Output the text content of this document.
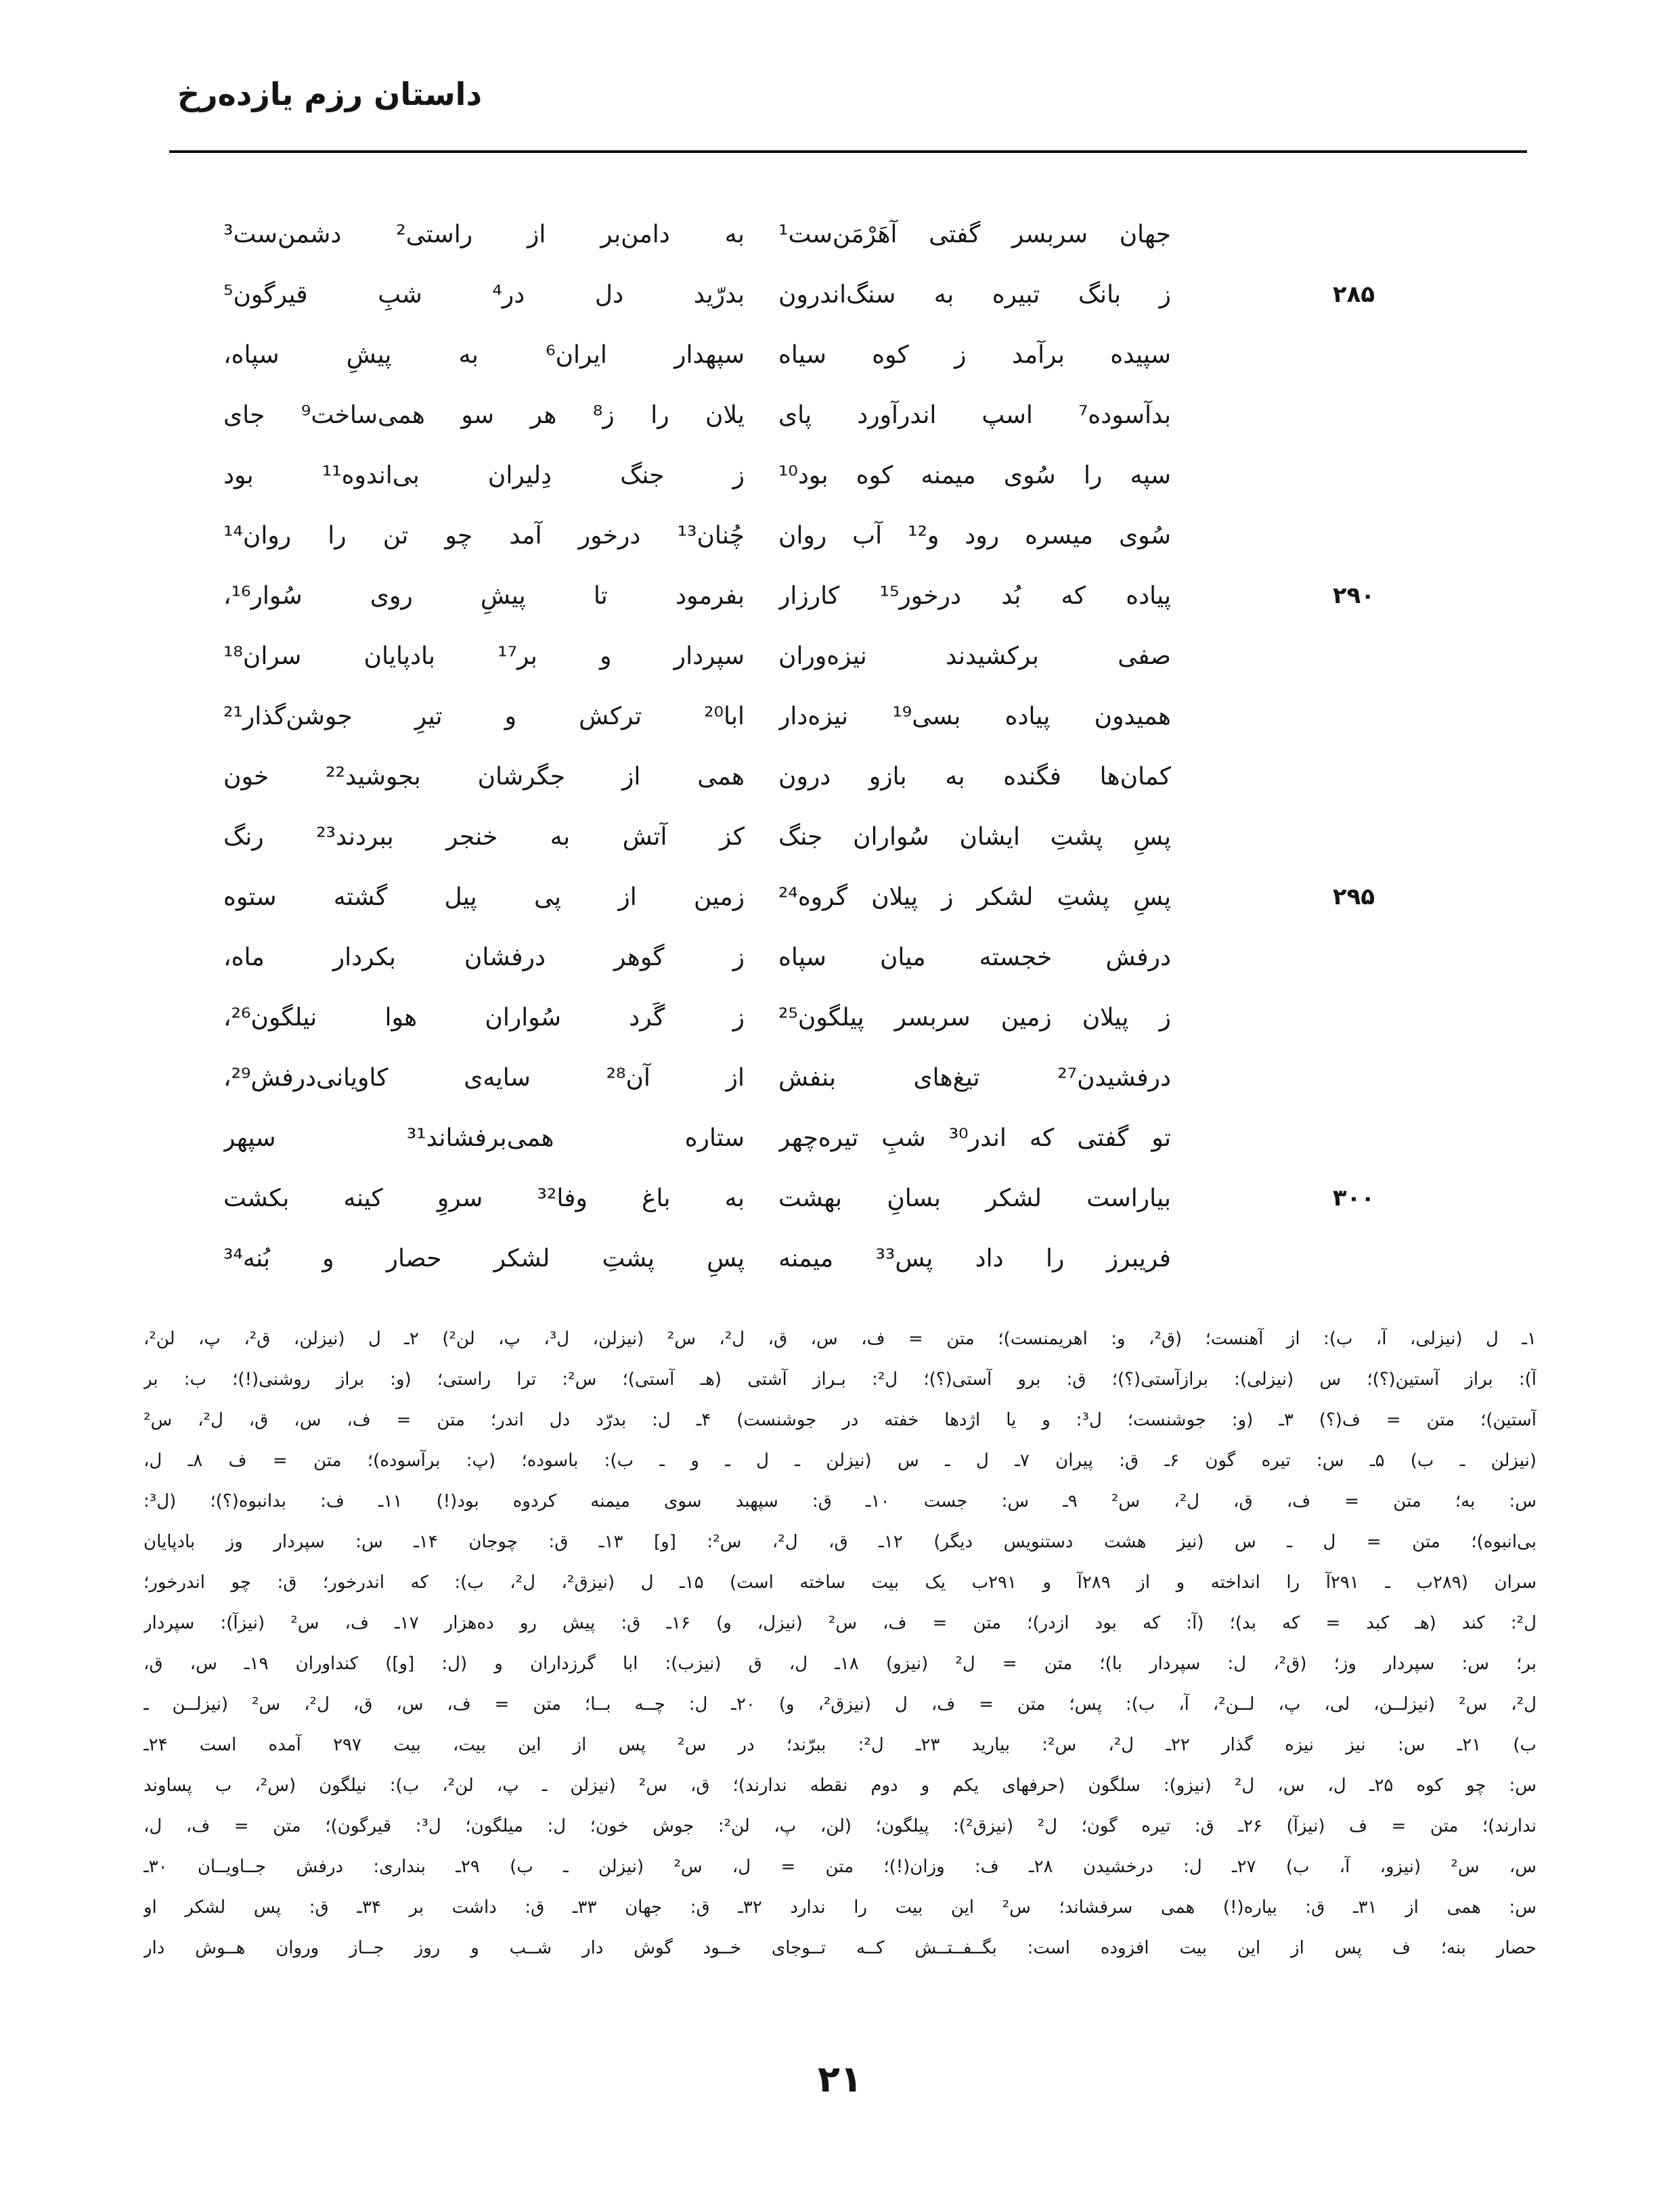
داستان رزم یازده‌رخ
جهان سربسر گفتی آهَرْمَن‌ست¹
به دامن‌بر از راستی² دشمن‌ست³
۲۸۵
ز بانگ تبیره به سنگ‌اندرون
بدرّید دل در⁴ شبِ قیرگون⁵
سپیده برآمد ز کوه سیاه
سپهدار ایران⁶ به پیشِ سپاه،
بدآسوده⁷ اسپ اندرآورد پای
یلان را ز⁸ هر سو همی‌ساخت⁹ جای
سپه را سُوی میمنه کوه بود¹⁰
ز جنگ دِلیران بی‌اندوه¹¹ بود
سُوی میسره رود و¹² آب روان
چُنان¹³ درخور آمد چو تن را روان¹⁴
۲۹۰
پیاده که بُد درخور¹⁵ کارزار
بفرمود تا پیشِ روی سُوار¹⁶،
صفی برکشیدند نیزه‌وران
سپردار و بر¹⁷ بادپایان سران¹⁸
همیدون پیاده بسی¹⁹ نیزه‌دار
ابا²⁰ ترکش و تیرِ جوشن‌گذار²¹
کمان‌ها فگنده به بازو درون
همی از جگرشان بجوشید²² خون
پسِ پشتِ ایشان سُواران جنگ
کز آتش به خنجر ببردند²³ رنگ
۲۹۵
پسِ پشتِ لشکر ز پیلان گروه²⁴
زمین از پی پیل گشته ستوه
درفش خجسته میان سپاه
ز گوهر درفشان بکردار ماه،
ز پیلان زمین سربسر پیلگون²⁵
ز گَرد سُواران هوا نیلگون²⁶،
درفشیدن²⁷ تیغ‌های بنفش
از آن²⁸ سایه‌ی کاویانی‌درفش²⁹،
تو گفتی که اندر³⁰ شبِ تیره‌چهر
ستاره همی‌برفشاند³¹ سپهر
۳۰۰
بیاراست لشکر بسانِ بهشت
به باغ وفا³² سروِ کینه بکشت
فریبرز را داد پس³³ میمنه
پسِ پشتِ لشکر حصار و بُنه³⁴
۱ـ ل (نیزلی، آ، ب): از آهنست؛ (ق²، و: اهریمنست)؛ متن = ف، س، ق، ل²، س² (نیزلن، ل³، پ، لن²) ۲ـ ل (نیزلن، ق²، پ، لن²،
آ): براز آستین(؟)؛ س (نیزلی): برازآستی(؟)؛ ق: برو آستی(؟)؛ ل²: بـراز آشتی (هـ آستی)؛ س²: ترا راستی؛ (و: براز روشنی(!)؛ ب: بر
آستین)؛ متن = ف(؟) ۳ـ (و: جوشنست؛ ل³: و یا اژدها خفته در جوشنست) ۴ـ ل: بدرّد دل اندر؛ متن = ف، س، ق، ل²، س²
(نیزلن ـ ب) ۵ـ س: تیره گون ۶ـ ق: پیران ۷ـ ل ـ س (نیزلن ـ ل ـ و ـ ب): باسوده؛ (پ: برآسوده)؛ متن = ف ۸ـ ل،
س: به؛ متن = ف، ق، ل²، س² ۹ـ س: جست ۱۰ـ ق: سپهبد سوی میمنه کردوه بود(!) ۱۱ـ ف: بدانبوه(؟)؛ (ل³:
بی‌انبوه)؛ متن = ل ـ س (نیز هشت دستنویس دیگر) ۱۲ـ ق، ل²، س²: [و] ۱۳ـ ق: چوجان ۱۴ـ س: سپردار وز بادپایان
سران (۲۸۹ب ـ ۲۹۱آ را انداخته و از ۲۸۹آ و ۲۹۱ب یک بیت ساخته است) ۱۵ـ ل (نیزق²، ل²، ب): که اندرخور؛ ق: چو اندرخور؛
ل²: کند (هـ کبد = که بد)؛ (آ: که بود ازدر)؛ متن = ف، س² (نیزل، و) ۱۶ـ ق: پیش رو ده‌هزار ۱۷ـ ف، س² (نیزآ): سپردار
بر؛ س: سپردار وز؛ (ق²، ل: سپردار با)؛ متن = ل² (نیزو) ۱۸ـ ل، ق (نیزب): ابا گرزداران و (ل: [و]) کنداوران ۱۹ـ س، ق،
ل²، س² (نیزلــن، لی، پ، لــن²، آ، ب): پس؛ متن = ف، ل (نیزق²، و) ۲۰ـ ل: چــه بــا؛ متن = ف، س، ق، ل²، س² (نیزلــن ـ
ب) ۲۱ـ س: نیز نیزه گذار ۲۲ـ ل²، س²: بیارید ۲۳ـ ل²: ببرّند؛ در س² پس از این بیت، بیت ۲۹۷ آمده است ۲۴ـ
س: چو کوه ۲۵ـ ل، س، ل² (نیزو): سلگون (حرفهای یکم و دوم نقطه ندارند)؛ ق، س² (نیزلن ـ پ، لن²، ب): نیلگون (س²، ب پساوند
ندارند)؛ متن = ف (نیزآ) ۲۶ـ ق: تیره گون؛ ل² (نیزق²): پیلگون؛ (لن، پ، لن²: جوش خون؛ ل: میلگون؛ ل³: قیرگون)؛ متن = ف، ل،
س، س² (نیزو، آ، ب) ۲۷ـ ل: درخشیدن ۲۸ـ ف: وزان(!)؛ متن = ل، س² (نیزلن ـ ب) ۲۹ـ بنداری: درفش جــاویــان ۳۰ـ
س: همی از ۳۱ـ ق: بیاره(!) همی سرفشاند؛ س² این بیت را ندارد ۳۲ـ ق: جهان ۳۳ـ ق: داشت بر ۳۴ـ ق: پس لشکر او
حصار بنه؛ ف پس از این بیت افزوده است: بگــفــتــش کــه تــوجای خــود گوش دار شــب و روز جــاز وروان هــوش دار
۲۱
